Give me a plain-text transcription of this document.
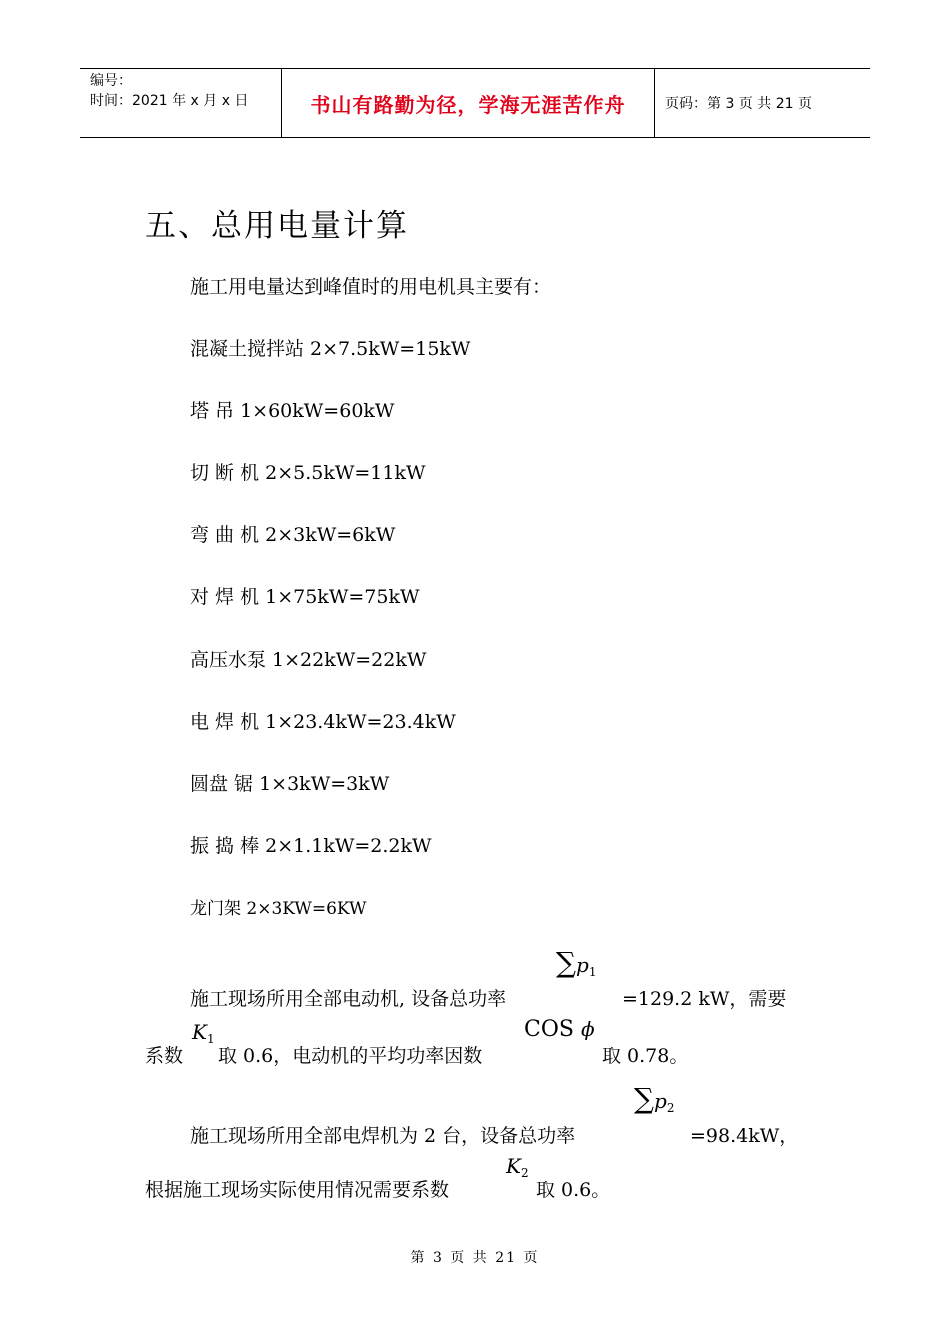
编号：
时间：2021 年 x 月 x 日	书山有路勤为径，学海无涯苦作舟	页码：第 3 页 共 21 页
五、总用电量计算
施工用电量达到峰值时的用电机具主要有：
混凝土搅拌站 2×7.5kW=15kW
塔 吊 1×60kW=60kW
切 断 机 2×5.5kW=11kW
弯 曲 机 2×3kW=6kW
对 焊 机 1×75kW=75kW
高压水泵 1×22kW=22kW
电 焊 机 1×23.4kW=23.4kW
圆盘 锯 1×3kW=3kW
振 捣 棒 2×1.1kW=2.2kW
龙门架 2×3KW=6KW
施工现场所用全部电动机, 设备总功率
$\sum p_1$
=129.2 kW，需要
系数
$K_1$
取 0.6，电动机的平均功率因数
COS ϕ
取 0.78。
施工现场所用全部电焊机为 2 台，设备总功率
$\sum p_2$
=98.4kW，
根据施工现场实际使用情况需要系数
$K_2$
取 0.6。
第 3 页 共 21 页
